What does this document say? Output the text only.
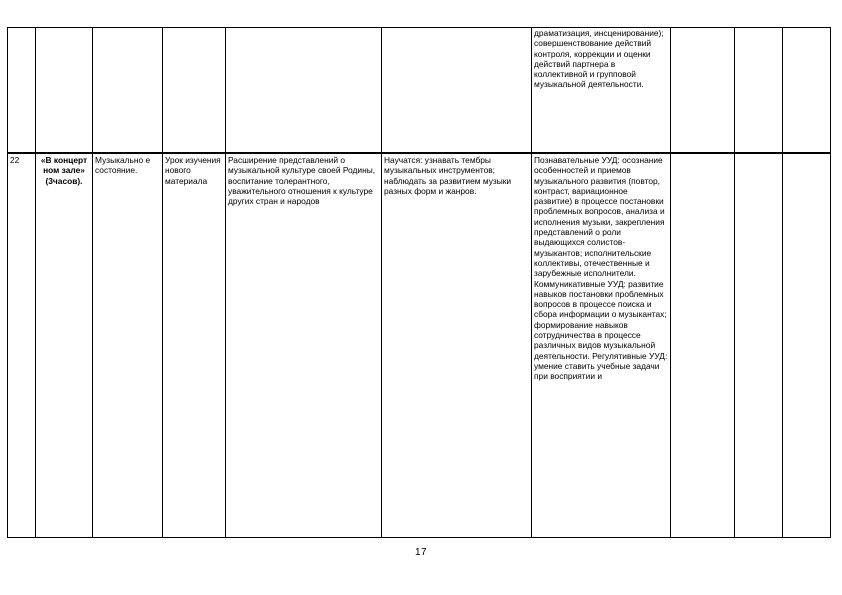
						драматизация, инсценирование); совершенствование действий контроля, коррекции и оценки действий партнера в коллективной и групповой музыкальной деятельности.			
22	«В концерт ном зале» (3часов).	Музыкально е состояние.	Урок изучения нового материала	Расширение представлений о музыкальной культуре своей Родины, воспитание толерантного, уважительного отношения к культуре других стран и народов	Научатся: узнавать тембры музыкальных инструментов; наблюдать за развитием музыки разных форм и жанров.	Познавательные УУД: осознание особенностей и приемов музыкального развития (повтор, контраст, вариационное развитие) в процессе постановки проблемных вопросов, анализа и исполнения музыки, закрепления представлений о роли выдающихся солистов-музыкантов; исполнительские коллективы, отечественные и зарубежные исполнители. Коммуникативные УУД: развитие навыков постановки проблемных вопросов в процессе поиска и сбора информации о музыкантах; формирование навыков сотрудничества в процессе различных видов музыкальной деятельности. Регулятивные УУД: умение ставить учебные задачи при восприятии и			
17
